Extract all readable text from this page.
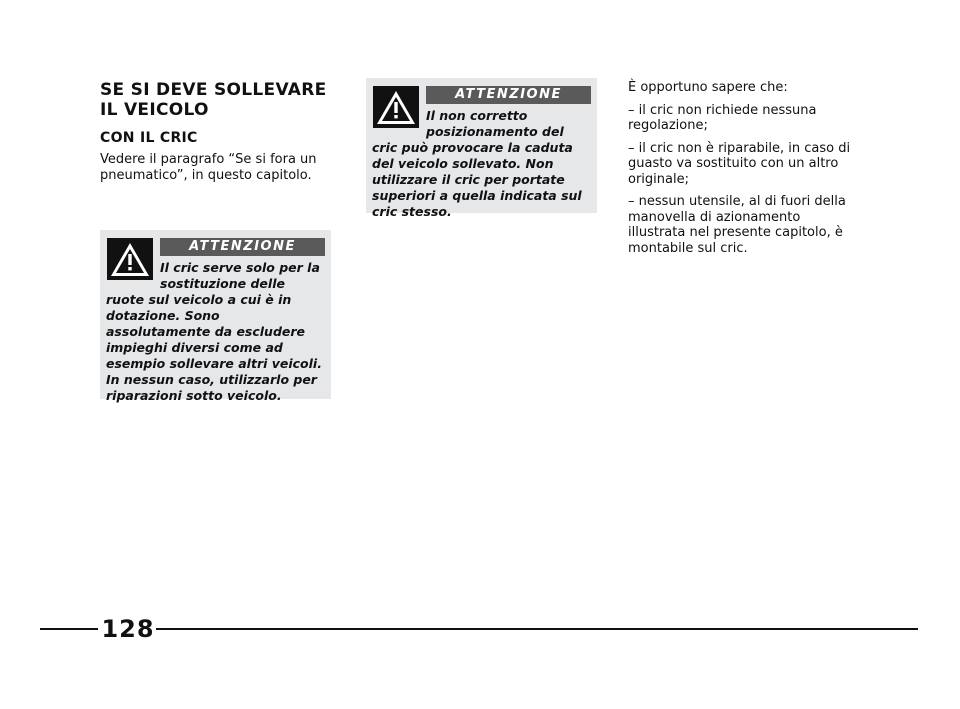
SE SI DEVE SOLLEVARE
IL VEICOLO
CON IL CRIC

Vedere il paragrafo “Se si fora un pneumatico”, in questo capitolo.

ATTENZIONE

Il cric serve solo per la sostituzione delle ruote sul veicolo a cui è in dotazione. Sono assolutamente da escludere impieghi diversi come ad esempio sollevare altri veicoli. In nessun caso, utilizzarlo per riparazioni sotto veicolo.

ATTENZIONE

Il non corretto posizionamento del cric può provocare la caduta del veicolo sollevato. Non utilizzare il cric per portate superiori a quella indicata sul cric stesso.

È opportuno sapere che:

– il cric non richiede nessuna regolazione;

– il cric non è riparabile, in caso di guasto va sostituito con un altro originale;

– nessun utensile, al di fuori della manovella di azionamento illustrata nel presente capitolo, è montabile sul cric.

128
